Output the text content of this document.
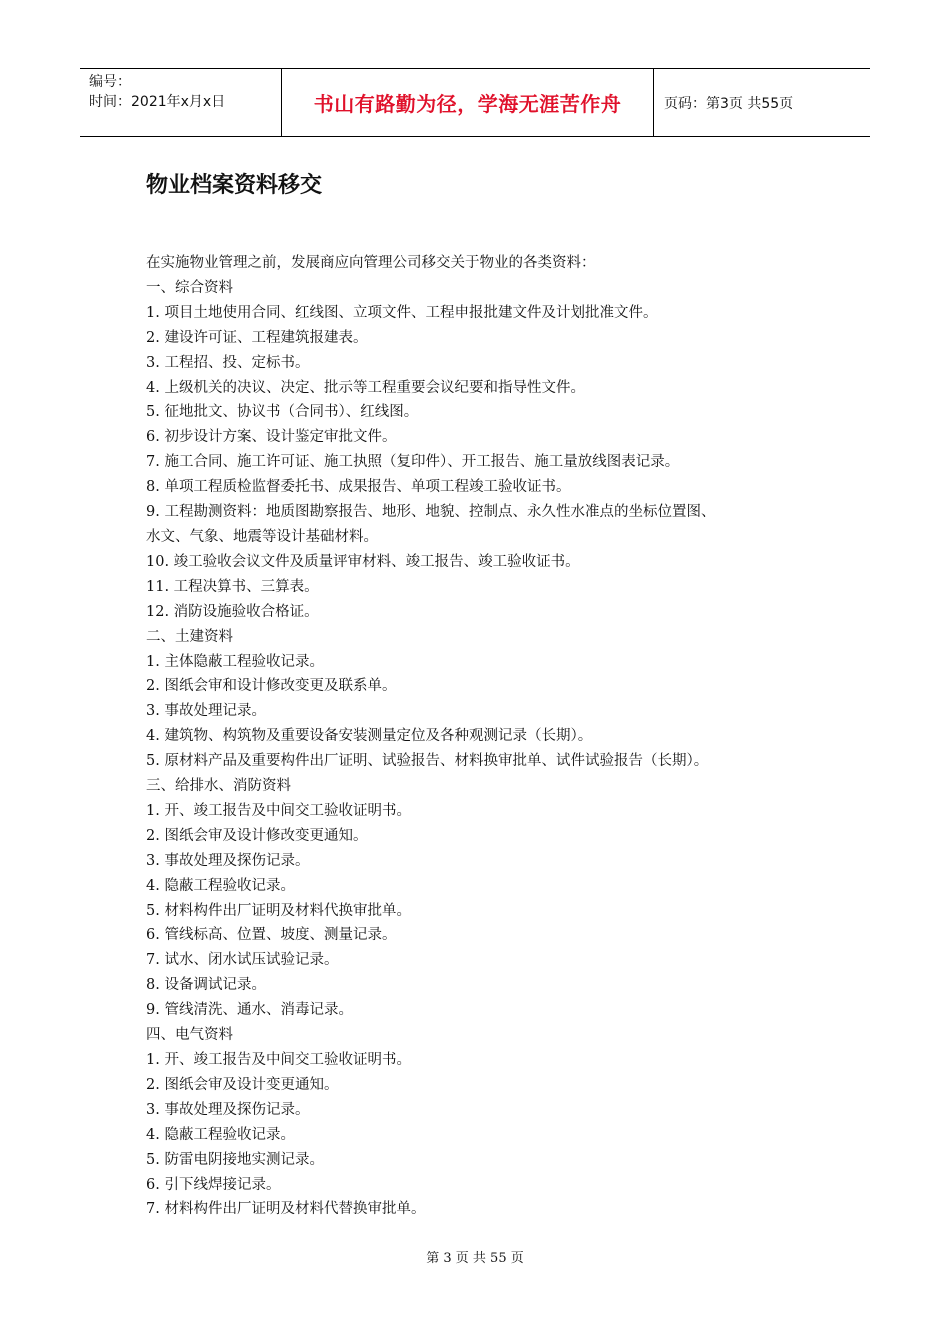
编号：
时间：2021年x月x日	书山有路勤为径，学海无涯苦作舟	页码：第3页 共55页
物业档案资料移交
在实施物业管理之前，发展商应向管理公司移交关于物业的各类资料：
一、综合资料
1. 项目土地使用合同、红线图、立项文件、工程申报批建文件及计划批准文件。
2. 建设许可证、工程建筑报建表。
3. 工程招、投、定标书。
4. 上级机关的决议、决定、批示等工程重要会议纪要和指导性文件。
5. 征地批文、协议书（合同书）、红线图。
6. 初步设计方案、设计鉴定审批文件。
7. 施工合同、施工许可证、施工执照（复印件）、开工报告、施工量放线图表记录。
8. 单项工程质检监督委托书、成果报告、单项工程竣工验收证书。
9. 工程勘测资料：地质图勘察报告、地形、地貌、控制点、永久性水准点的坐标位置图、
水文、气象、地震等设计基础材料。
10. 竣工验收会议文件及质量评审材料、竣工报告、竣工验收证书。
11. 工程决算书、三算表。
12. 消防设施验收合格证。
二、土建资料
1. 主体隐蔽工程验收记录。
2. 图纸会审和设计修改变更及联系单。
3. 事故处理记录。
4. 建筑物、构筑物及重要设备安装测量定位及各种观测记录（长期）。
5. 原材料产品及重要构件出厂证明、试验报告、材料换审批单、试件试验报告（长期）。
三、给排水、消防资料
1. 开、竣工报告及中间交工验收证明书。
2. 图纸会审及设计修改变更通知。
3. 事故处理及探伤记录。
4. 隐蔽工程验收记录。
5. 材料构件出厂证明及材料代换审批单。
6. 管线标高、位置、坡度、测量记录。
7. 试水、闭水试压试验记录。
8. 设备调试记录。
9. 管线清洗、通水、消毒记录。
四、电气资料
1. 开、竣工报告及中间交工验收证明书。
2. 图纸会审及设计变更通知。
3. 事故处理及探伤记录。
4. 隐蔽工程验收记录。
5. 防雷电阴接地实测记录。
6. 引下线焊接记录。
7. 材料构件出厂证明及材料代替换审批单。
第 3 页 共 55 页
